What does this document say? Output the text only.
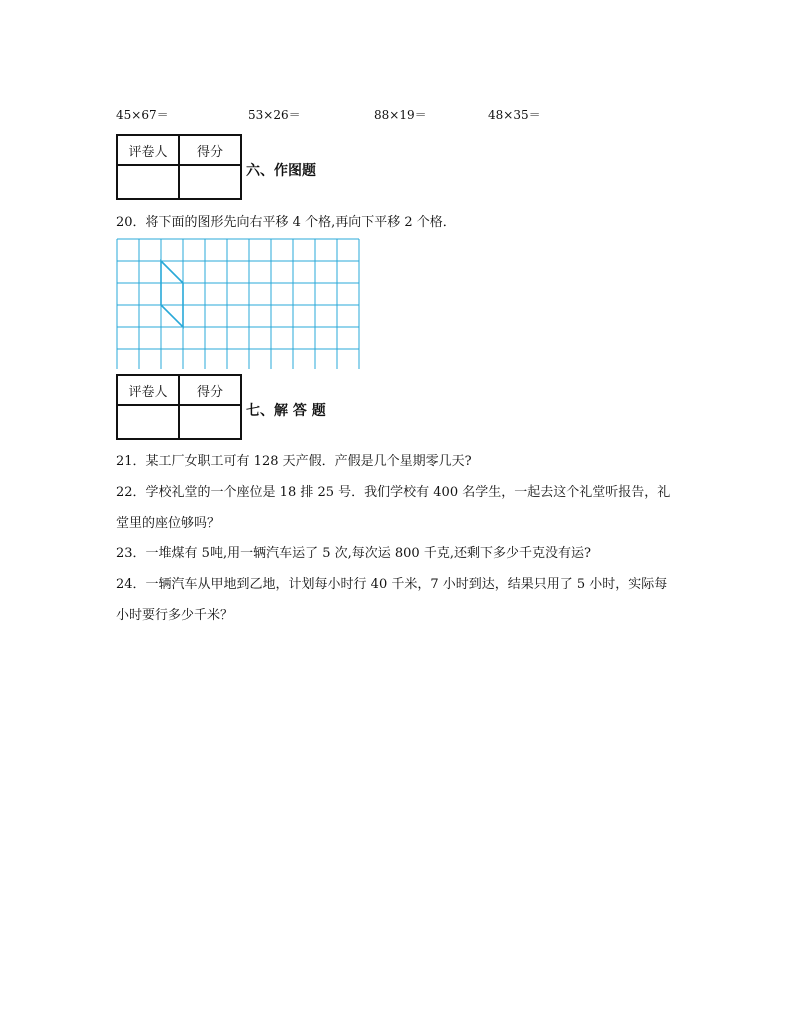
45×67＝	53×26＝	88×19＝	48×35＝
评卷人	得分

六、作图题
20．将下面的图形先向右平移 4 个格,再向下平移 2 个格．
评卷人	得分

七、解 答 题
21．某工厂女职工可有 128 天产假．产假是几个星期零几天?
22．学校礼堂的一个座位是 18 排 25 号．我们学校有 400 名学生，一起去这个礼堂听报告，礼
堂里的座位够吗？
23．一堆煤有 5吨,用一辆汽车运了 5 次,每次运 800 千克,还剩下多少千克没有运?
24．一辆汽车从甲地到乙地，计划每小时行 40 千米，7 小时到达，结果只用了 5 小时，实际每
小时要行多少千米？
